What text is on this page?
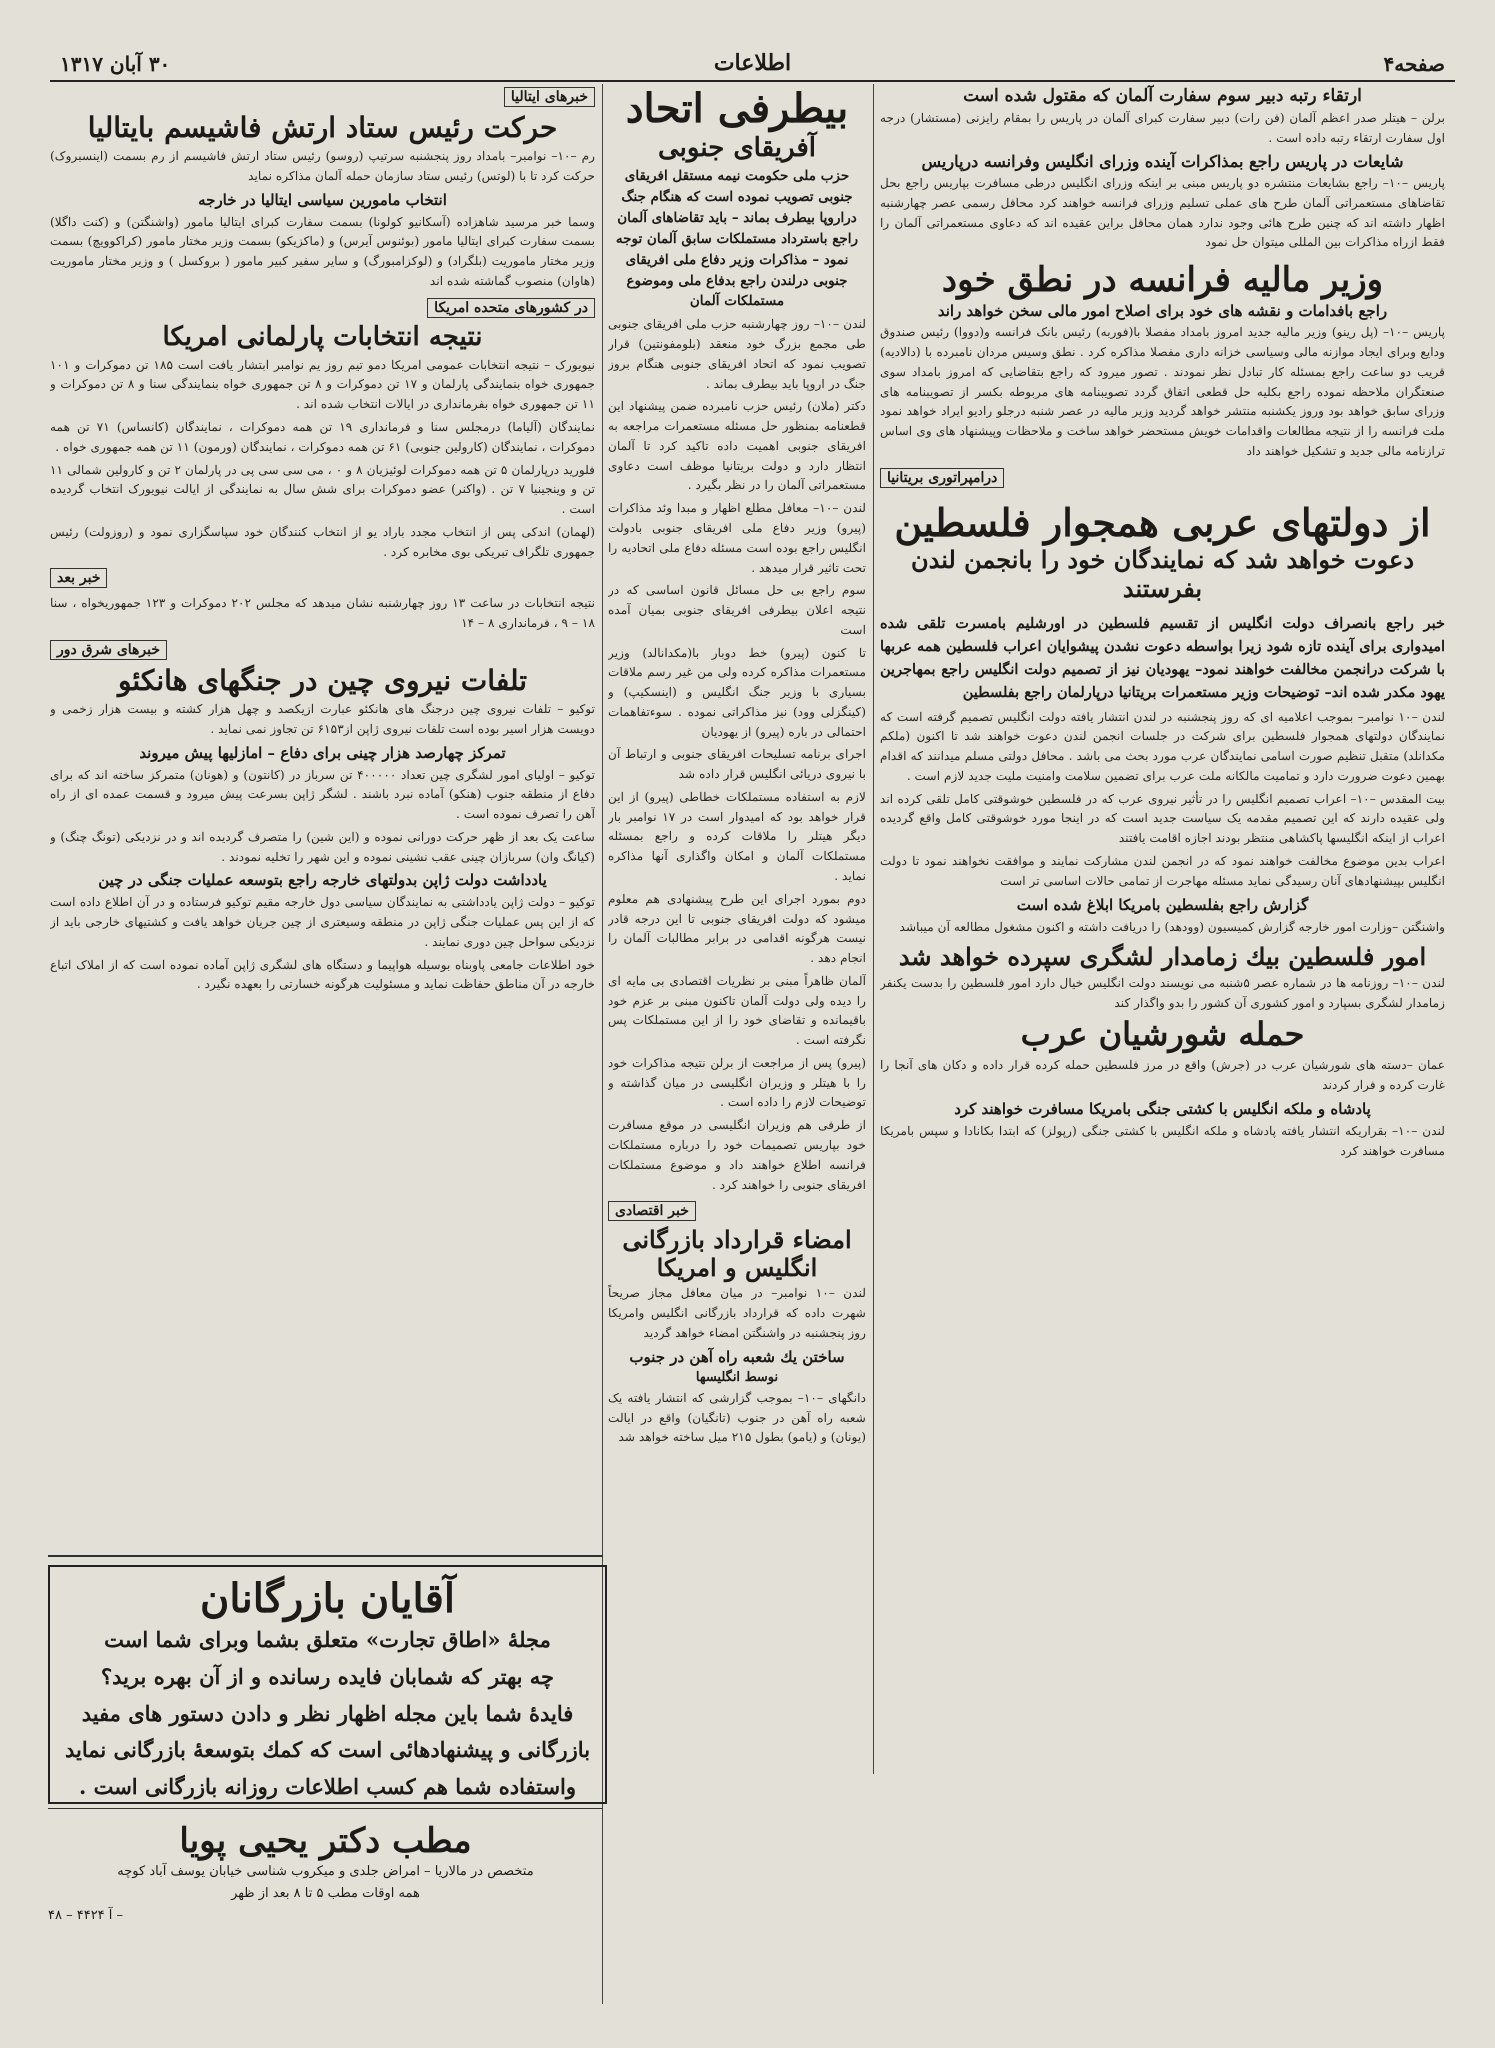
صفحه۴
اطلاعات
۳۰ آبان ۱۳۱۷
ارتقاء رتبه دبیر سوم سفارت آلمان که مقتول شده است
برلن – هیتلر صدر اعظم آلمان (فن رات) دبیر سفارت کبرای آلمان در پاریس را بمقام رایزنی (مستشار) درجه اول سفارت ارتقاء رتبه داده است .
شایعات در پاریس راجع بمذاکرات آینده وزرای انگلیس وفرانسه درپاریس
پاریس –۱۰– راجع بشایعات منتشره دو پاریس مبنی بر اینکه وزرای انگلیس درطی مسافرت بپاریس راجع بحل تقاضاهای مستعمراتی آلمان طرح های عملی تسلیم وزرای فرانسه خواهند کرد محافل رسمی عصر چهارشنبه اظهار داشته اند که چنین طرح هائی وجود ندارد همان محافل براین عقیده اند که دعاوی مستعمراتی آلمان را فقط ازراه مذاکرات بین المللی میتوان حل نمود
وزیر مالیه فرانسه در نطق خود
راجع بافدامات و نقشه های خود برای اصلاح امور مالی سخن خواهد راند
پاریس –۱۰– (پل رینو) وزیر مالیه جدید امروز بامداد مفصلا با(فوربه) رئیس بانک فرانسه و(دووا) رئیس صندوق ودایع وبرای ایجاد موازنه مالی وسیاسی خزانه داری مفصلا مذاکره کرد . نطق وسیس مردان نامبرده با (دالادیه) قریب دو ساعت راجع بمسئله کار تبادل نظر نمودند . تصور میرود که راجع بتقاضایی که امروز بامداد سوی صنعتگران ملاحظه نموده راجع بکلیه حل قطعی اتفاق گردد تصویبنامه های مربوطه بکسر از تصویبنامه های وزرای سابق خواهد بود وروز یکشنبه منتشر خواهد گردید وزیر مالیه در عصر شنبه درجلو رادیو ایراد خواهد نمود ملت فرانسه را از نتیجه مطالعات واقدامات خویش مستحضر خواهد ساخت و ملاحظات وپیشنهاد های وی اساس ترازنامه مالی جدید و تشکیل خواهند داد
درامپراتوری بریتانیا
از دولتهای عربی همجوار فلسطین
دعوت خواهد شد که نمایندگان خود را بانجمن لندن بفرستند
خبر راجع بانصراف دولت انگلیس از تقسیم فلسطین در اورشلیم بامسرت تلقی شده امیدواری برای آینده تازه شود زیرا بواسطه دعوت نشدن پیشوایان اعراب فلسطین همه عربها با شرکت درانجمن مخالفت خواهند نمود– یهودیان نیز از تصمیم دولت انگلیس راجع بمهاجرین یهود مکدر شده اند– توضیحات وزیر مستعمرات بریتانیا درپارلمان راجع بفلسطین
لندن –۱۰ نوامبر– بموجب اعلامیه ای که روز پنجشنبه در لندن انتشار یافته دولت انگلیس تصمیم گرفته است که نمایندگان دولتهای همجوار فلسطین برای شرکت در جلسات انجمن لندن دعوت خواهند شد تا اکنون (ملکم مکدانلد) متقبل تنظیم صورت اسامی نمایندگان عرب مورد بحث می باشد . محافل دولتی مسلم میدانند که اقدام بهمین دعوت ضرورت دارد و تمامیت مالکانه ملت عرب برای تضمین سلامت وامنیت ملیت جدید لازم است .
بیت المقدس –۱۰– اعراب تصمیم انگلیس را در تأثیر نیروی عرب که در فلسطین خوشوقتی کامل تلقی کرده اند ولی عقیده دارند که این تصمیم مقدمه یک سیاست جدید است که در اینجا مورد خوشوقتی کامل واقع گردیده اعراب از اینکه انگلیسها پاکشاهی منتظر بودند اجازه اقامت یافتند
اعراب بدین موضوع مخالفت خواهند نمود که در انجمن لندن مشارکت نمایند و موافقت نخواهند نمود تا دولت انگلیس بپیشنهادهای آنان رسیدگی نماید مسئله مهاجرت از تمامی حالات اساسی تر است
گزارش راجع بفلسطین بامریکا ابلاغ شده است
واشنگتن –وزارت امور خارجه گزارش کمیسیون (وودهد) را دریافت داشته و اکنون مشغول مطالعه آن میباشد
امور فلسطین بیك زمامدار لشگری سپرده خواهد شد
لندن –۱۰– روزنامه ها در شماره عصر ۵شنبه می نویسند دولت انگلیس خیال دارد امور فلسطین را بدست یکنفر زمامدار لشگری بسپارد و امور کشوری آن کشور را بدو واگذار کند
حمله شورشیان عرب
عمان –دسته های شورشیان عرب در (جرش) واقع در مرز فلسطین حمله کرده قرار داده و دکان های آنجا را غارت کرده و فرار کردند
پادشاه و ملکه انگلیس با کشتی جنگی بامریکا مسافرت خواهند کرد
لندن –۱۰– بقراریکه انتشار یافته پادشاه و ملکه انگلیس با کشتی جنگی (رپولز) که ابتدا بکانادا و سپس بامریکا مسافرت خواهند کرد
بیطرفی اتحاد
آفریقای جنوبی
حزب ملی حکومت نیمه مستقل افریقای جنوبی تصویب نموده است که هنگام جنگ دراروپا بیطرف بماند – باید تقاضاهای آلمان راجع باسترداد مستملکات سابق آلمان توجه نمود – مذاکرات وزیر دفاع ملی افریقای جنوبی درلندن راجع بدفاع ملی وموضوع مستملکات آلمان
لندن –۱۰– روز چهارشنبه حزب ملی افریقای جنوبی طی مجمع بزرگ خود منعقد (بلومفونتین) قرار تصویب نمود که اتحاد افریقای جنوبی هنگام بروز جنگ در اروپا باید بیطرف بماند .
دکتر (ملان) رئیس حزب نامبرده ضمن پیشنهاد این قطعنامه بمنظور حل مسئله مستعمرات مراجعه به افریقای جنوبی اهمیت داده تاکید کرد تا آلمان انتظار دارد و دولت بریتانیا موظف است دعاوی مستعمراتی آلمان را در نظر بگیرد .
لندن –۱۰– معافل مطلع اظهار و مبدا وئد مذاکرات (پیرو) وزیر دفاع ملی افریقای جنوبی بادولت انگلیس راجع بوده است مسئله دفاع ملی اتحادیه را تحت تاثیر قرار میدهد .
سوم راجع بی حل مسائل قانون اساسی که در نتیجه اعلان بیطرفی افریقای جنوبی بمیان آمده است
تا کنون (پیرو) خط دوبار با(مکدانالد) وزیر مستعمرات مذاکره کرده ولی من غیر رسم ملاقات بسیاری با وزیر جنگ انگلیس و (اینسکیپ) و (کینگزلی وود) نیز مذاکراتی نموده . سوءتفاهمات احتمالی در باره (پیرو) از یهودیان
اجرای برنامه تسلیحات افریقای جنوبی و ارتباط آن با نیروی دریائی انگلیس قرار داده شد
لازم به استفاده مستملکات خطاطی (پیرو) از این قرار خواهد بود که امیدوار است در ۱۷ نوامبر بار دیگر هیتلر را ملاقات کرده و راجع بمسئله مستملکات آلمان و امکان واگذاری آنها مذاکره نماید .
دوم بمورد اجرای این طرح پیشنهادی هم معلوم میشود که دولت افریقای جنوبی تا این درجه قادر نیست هرگونه اقدامی در برابر مطالبات آلمان را انجام دهد .
آلمان ظاهراً مبنی بر نظریات اقتصادی بی مایه ای را دیده ولی دولت آلمان تاکنون مبنی بر عزم خود باقیمانده و تقاضای خود را از این مستملکات پس نگرفته است .
(پیرو) پس از مراجعت از برلن نتیجه مذاکرات خود را با هیتلر و وزیران انگلیسی در میان گذاشته و توضیحات لازم را داده است .
از طرفی هم وزیران انگلیسی در موقع مسافرت خود بپاریس تصمیمات خود را درباره مستملکات فرانسه اطلاع خواهند داد و موضوع مستملکات افریقای جنوبی را خواهند کرد .
خبر اقتصادی
امضاء قرارداد بازرگانی انگلیس و امریکا
لندن –۱۰ نوامبر– در میان معافل مجاز صریحاً شهرت داده که قرارداد بازرگانی انگلیس وامریکا روز پنجشنبه در واشنگتن امضاء خواهد گردید
ساختن یك شعبه راه آهن در جنوب
نوسط انگلیسها
دانگهای –۱۰– بموجب گزارشی که انتشار یافته یک شعبه راه آهن در جنوب (تانگیان) واقع در ایالت (یونان) و (یامو) بطول ۲۱۵ میل ساخته خواهد شد
خبرهای ایتالیا
حرکت رئیس ستاد ارتش فاشیسم بایتالیا
رم –۱۰– نوامبر– بامداد روز پنجشنبه سرتیپ (روسو) رئیس ستاد ارتش فاشیسم از رم بسمت (اینسبروک) حرکت کرد تا با (لوتس) رئیس ستاد سازمان حمله آلمان مذاکره نماید
انتخاب مامورین سیاسی ایتالیا در خارجه
وسما خبر مرسید شاهزاده (آسکانیو کولونا) بسمت سفارت کبرای ایتالیا مامور (واشنگتن) و (کنت داگلا) بسمت سفارت کبرای ایتالیا مامور (بوئنوس آیرس) و (ماکزیکو) بسمت وزیر مختار مامور (کراکوویچ) بسمت وزیر مختار ماموریت (بلگراد) و (لوکزامبورگ) و سایر سفیر کبیر مامور ( بروکسل ) و وزیر مختار ماموریت (هاوان) منصوب گماشته شده اند
در کشورهای متحده امریکا
نتیجه انتخابات پارلمانی امریکا
نیویورک – نتیجه انتخابات عمومی امریکا دمو تیم روز یم نوامبر ابتشار یافت است ۱۸۵ تن دموکرات و ۱۰۱ جمهوری خواه بنمایندگی پارلمان و ۱۷ تن دموکرات و ۸ تن جمهوری خواه بنمایندگی سنا و ۸ تن دموکرات و ۱۱ تن جمهوری خواه بفرمانداری در ایالات انتخاب شده اند .
نمایندگان (آلیاما) درمجلس سنا و فرمانداری ۱۹ تن همه دموکرات ، نمایندگان (کانساس) ۷۱ تن همه دموکرات ، نمایندگان (کارولین جنوبی) ۶۱ تن همه دموکرات ، نمایندگان (ورمون) ۱۱ تن همه جمهوری خواه .
فلوريد درپارلمان ۵ تن همه دموکرات لوئیزیان ۸ و ۰ ، می سی سی پی در پارلمان ۲ تن و کارولین شمالی ۱۱ تن و وینجینیا ۷ تن . (واکنر) عضو دموکرات برای شش سال به نمایندگی از ایالت نیویورک انتخاب گردیده است .
(لهمان) اندکی پس از انتخاب مجدد باراد یو از انتخاب کنندگان خود سپاسگزاری نمود و (روزولت) رئیس جمهوری تلگراف تبریکی بوی مخابره کرد .
خبر بعد
نتیجه انتخابات در ساعت ۱۳ روز چهارشنبه نشان میدهد که مجلس ۲۰۲ دموکرات و ۱۲۳ جمهوریخواه ، سنا ۱۸ – ۹ ، فرمانداری ۸ – ۱۴
خبرهای شرق دور
تلفات نیروی چین در جنگهای هانکئو
توکیو – تلفات نیروی چین درجنگ های هانکئو عبارت ازیکصد و چهل هزار کشته و بیست هزار زخمی و دویست هزار اسیر بوده است تلفات نیروی ژاپن از۶۱۵۳ تن تجاوز نمی نماید .
تمرکز چهارصد هزار چینی برای دفاع – امازلیها پیش میروند
توکیو – اولیای امور لشگری چین تعداد ۴۰۰۰۰۰ تن سرباز در (کانتون) و (هونان) متمرکز ساخته اند که برای دفاع از منطقه جنوب (هنکو) آماده نبرد باشند . لشگر ژاپن بسرعت پیش میرود و قسمت عمده ای از راه آهن را تصرف نموده است .
ساعت یک بعد از ظهر حرکت دورانی نموده و (این شین) را متصرف گردیده اند و در نزدیکی (تونگ چنگ) و (کیانگ وان) سربازان چینی عقب نشینی نموده و این شهر را تخلیه نمودند .
یادداشت دولت ژاپن بدولتهای خارجه راجع بتوسعه عملیات جنگی در چین
توکیو – دولت ژاپن یادداشتی به نمایندگان سیاسی دول خارجه مقیم توکیو فرستاده و در آن اطلاع داده است که از این پس عملیات جنگی ژاپن در منطقه وسیعتری از چین جریان خواهد یافت و کشتیهای خارجی باید از نزدیکی سواحل چین دوری نمایند .
خود اطلاعات جامعی پاوبناه بوسیله هواپیما و دستگاه های لشگری ژاپن آماده نموده است که از املاک اتباع خارجه در آن مناطق حفاظت نماید و مسئولیت هرگونه خسارتی را بعهده نگیرد .
آقایان بازرگانان
مجلهٔ «اطاق تجارت» متعلق بشما وبرای شما است
چه بهتر که شمابان فایده رسانده و از آن بهره برید؟
فایدهٔ شما باین مجله اظهار نظر و دادن دستور های مفید
بازرگانی و پیشنهادهائی است که کمك بتوسعهٔ بازرگانی نماید
واستفاده شما هم کسب اطلاعات روزانه بازرگانی است .
مطب دکتر یحیی پویا
متخصص در مالاریا – امراض جلدی و میکروب شناسی خیابان یوسف آباد کوچه
همه اوقات مطب ۵ تا ۸ بعد از ظهر
آ ۴۴۲۴ – ۴۸ –
